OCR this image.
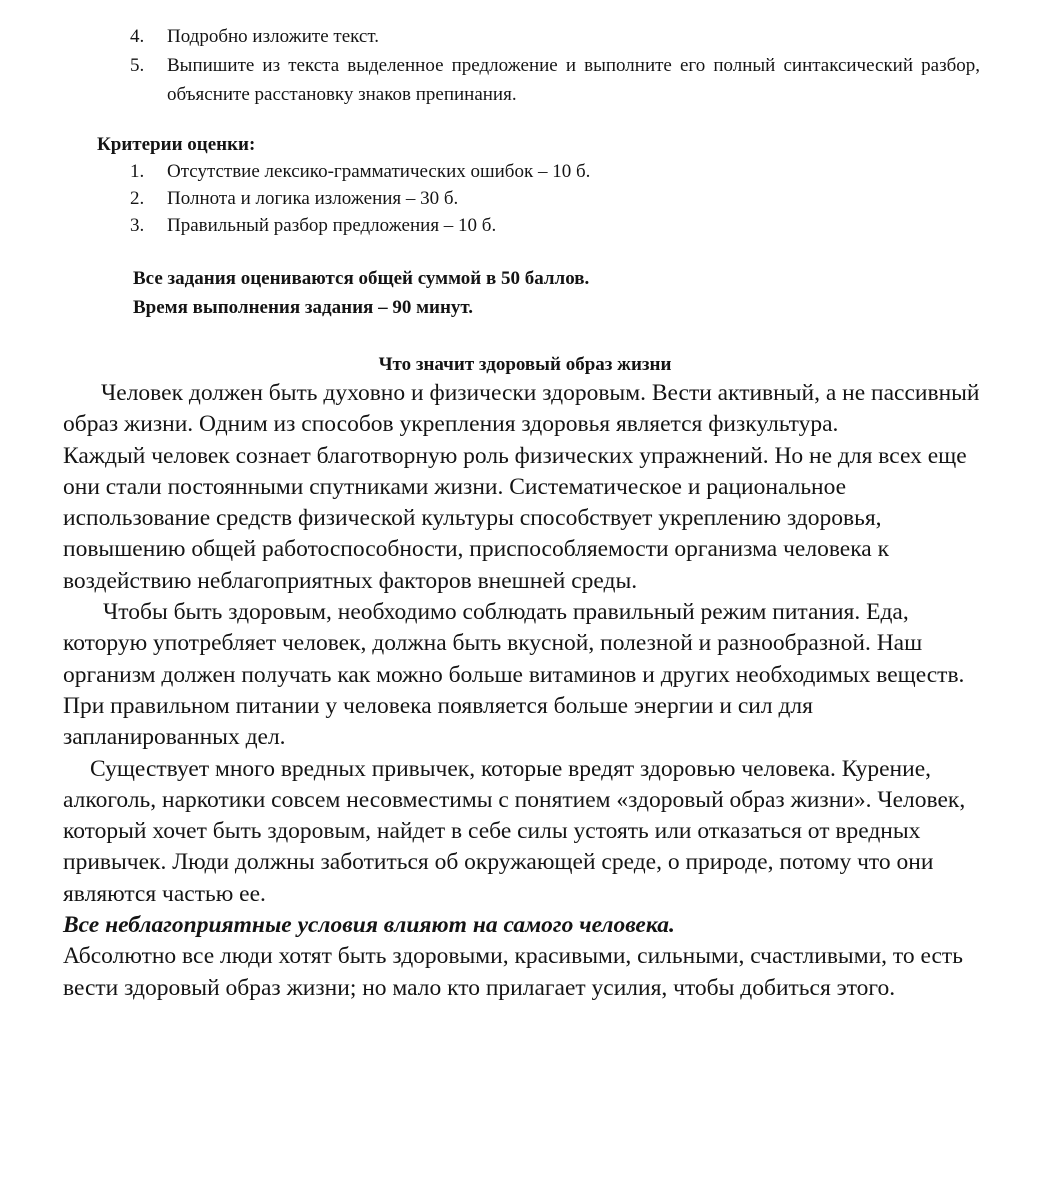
4. Подробно изложите текст.
5. Выпишите из текста выделенное предложение и выполните его полный синтаксический разбор, объясните расстановку знаков препинания.
Критерии оценки:
1. Отсутствие лексико-грамматических ошибок – 10 б.
2. Полнота и логика изложения – 30 б.
3. Правильный разбор предложения – 10 б.
Все задания оцениваются общей суммой в 50 баллов.
Время выполнения задания – 90 минут.
Что значит здоровый образ жизни

Человек должен быть духовно и физически здоровым. Вести активный, а не пассивный образ жизни. Одним из способов укрепления здоровья является физкультура.

Каждый человек сознает благотворную роль физических упражнений. Но не для всех еще они стали постоянными спутниками жизни. Систематическое и рациональное использование средств физической культуры способствует укреплению здоровья, повышению общей работоспособности, приспособляемости организма человека к воздействию неблагоприятных факторов внешней среды.

Чтобы быть здоровым, необходимо соблюдать правильный режим питания. Еда, которую употребляет человек, должна быть вкусной, полезной и разнообразной. Наш организм должен получать как можно больше витаминов и других необходимых веществ.

При правильном питании у человека появляется больше энергии и сил для запланированных дел.

Существует много вредных привычек, которые вредят здоровью человека. Курение, алкоголь, наркотики совсем несовместимы с понятием «здоровый образ жизни». Человек, который хочет быть здоровым, найдет в себе силы устоять или отказаться от вредных привычек. Люди должны заботиться об окружающей среде, о природе, потому что они являются частью ее.

Все неблагоприятные условия влияют на самого человека.

Абсолютно все люди хотят быть здоровыми, красивыми, сильными, счастливыми, то есть вести здоровый образ жизни; но мало кто прилагает усилия, чтобы добиться этого.
